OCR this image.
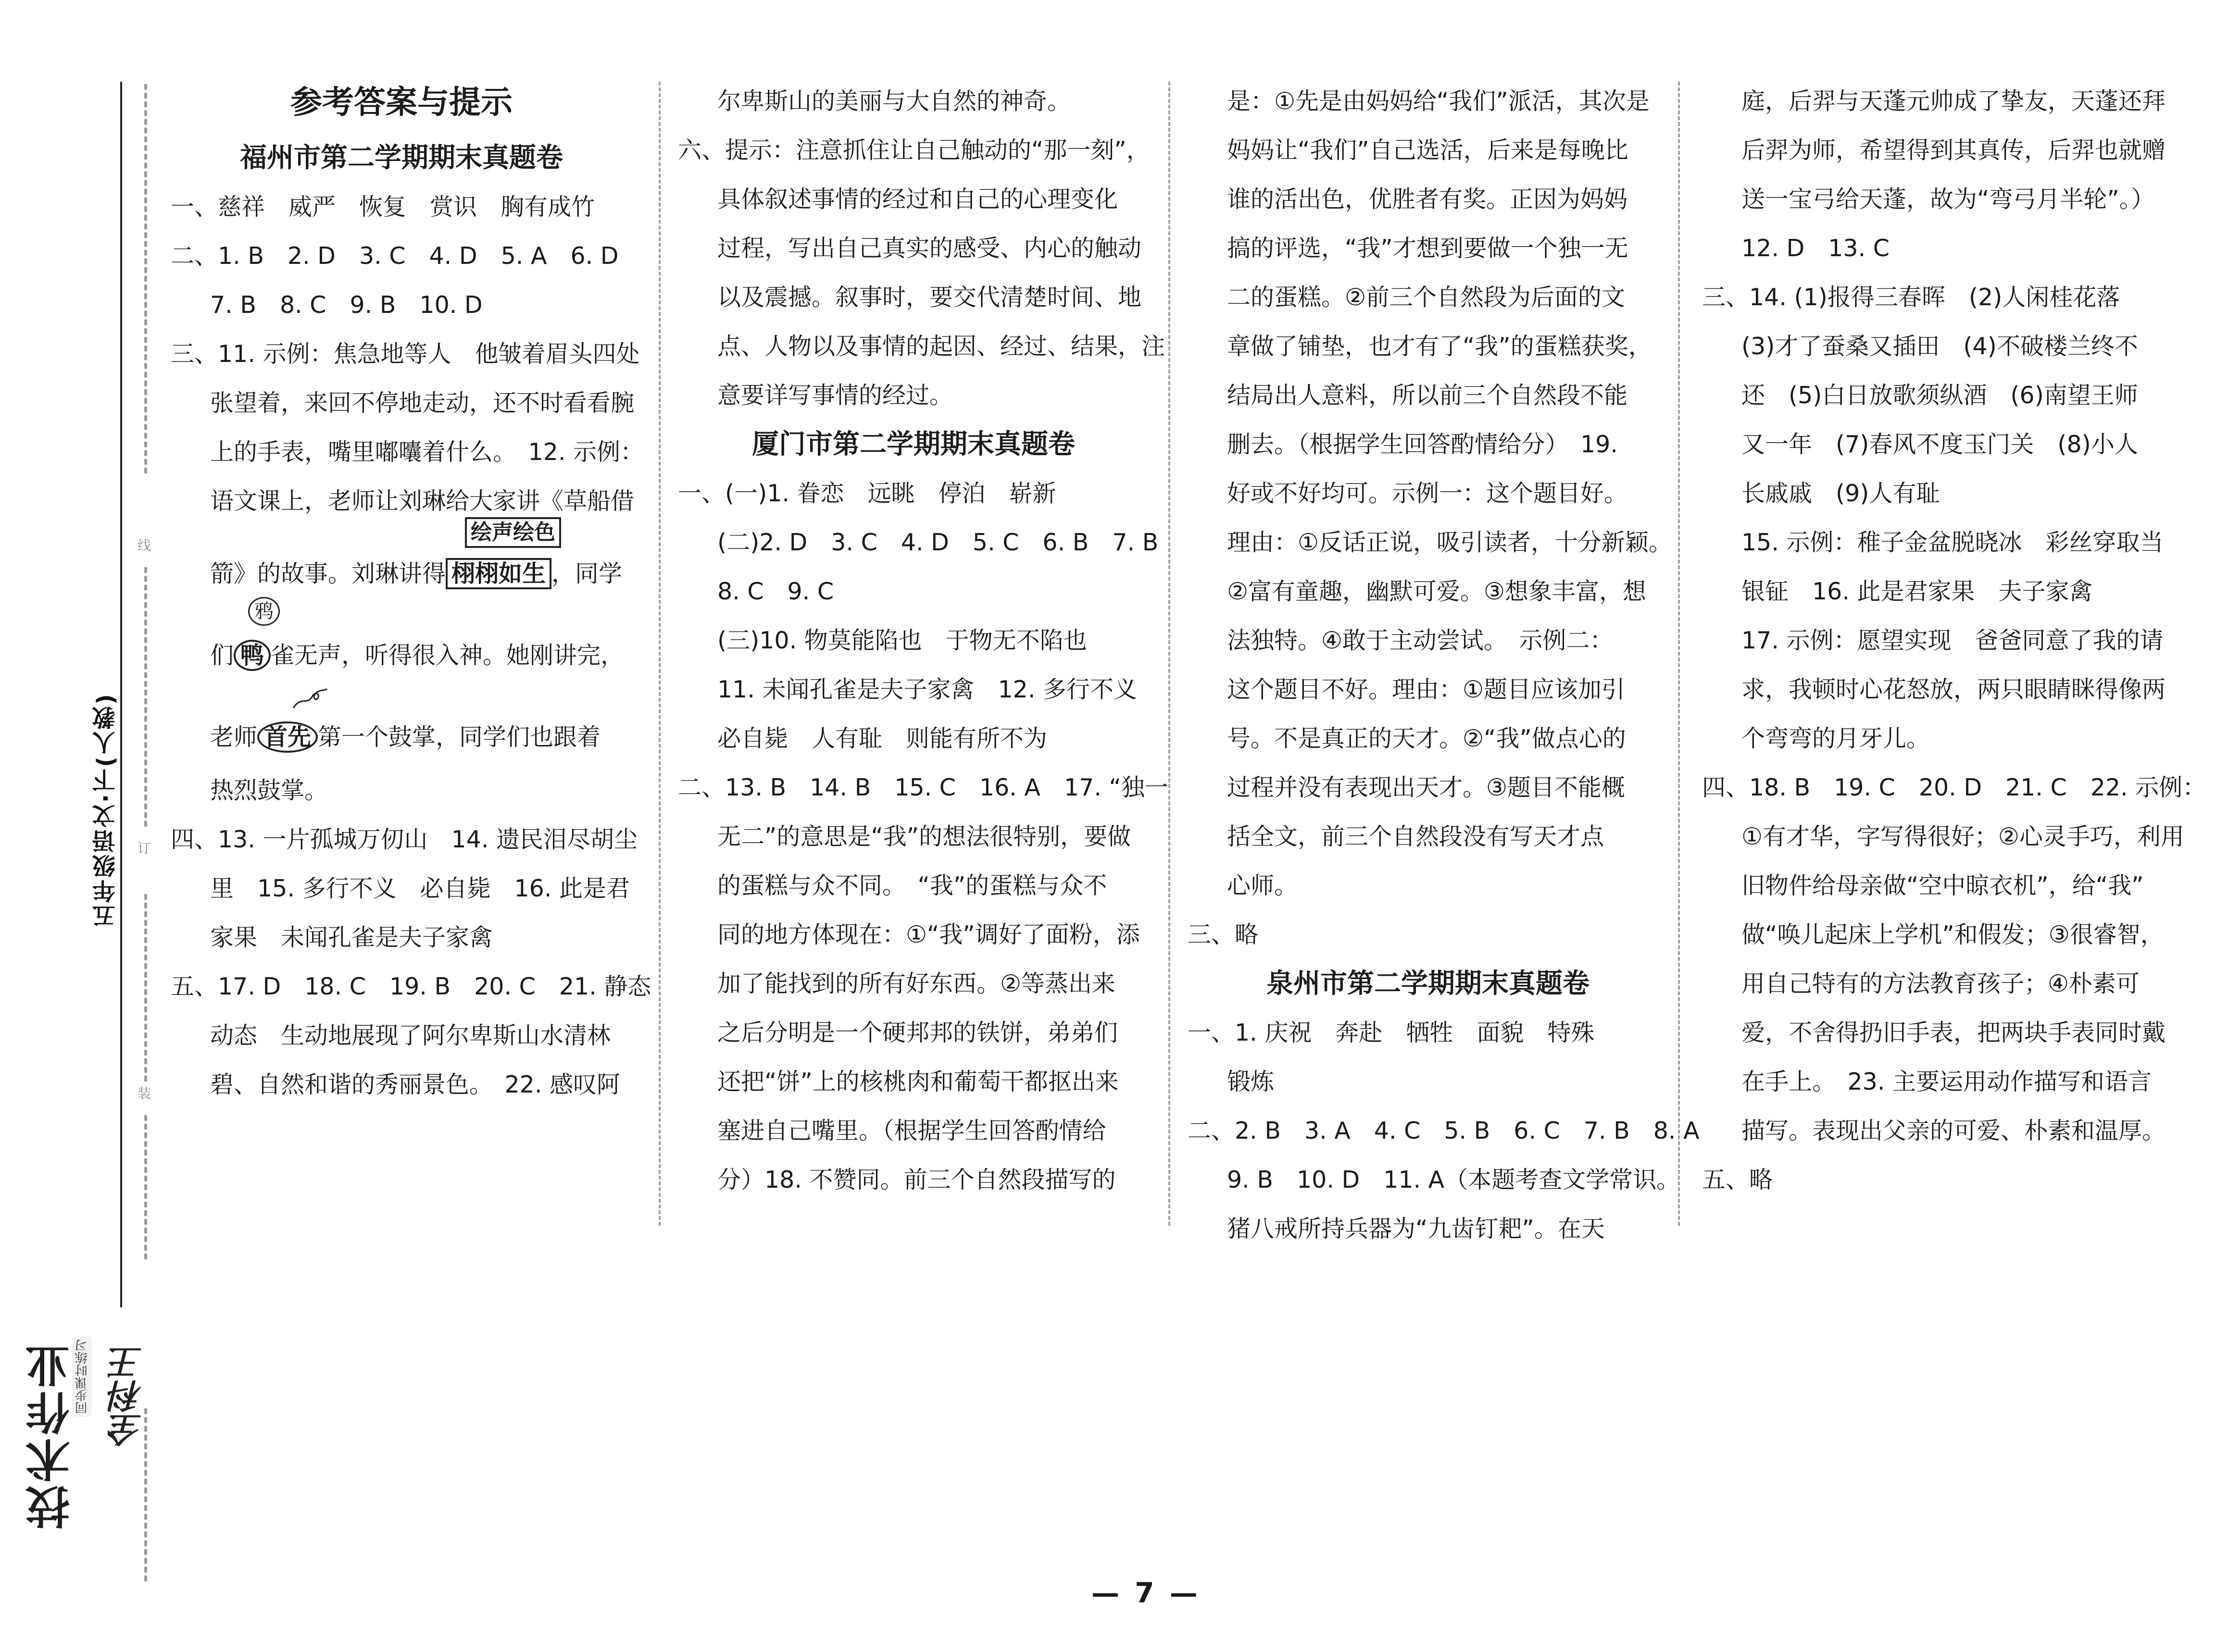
线
订
装
五年级语文·下(人教)
全科王
同步课时练习
技术作业
参考答案与提示
福州市第二学期期末真题卷
一、慈祥　威严　恢复　赏识　胸有成竹
二、1. B　2. D　3. C　4. D　5. A　6. D
7. B　8. C　9. B　10. D
三、11. 示例：焦急地等人　他皱着眉头四处
张望着，来回不停地走动，还不时看看腕
上的手表，嘴里嘟囔着什么。　12. 示例：
语文课上，老师让刘琳给大家讲《草船借
箭》的故事。刘琳讲得
绘声绘色
栩栩如生 ，同学
们
鸦
鸭 雀无声，听得很入神。她刚讲完，
老师 首先 第一个鼓掌，同学们也跟着
热烈鼓掌。
四、13. 一片孤城万仞山　14. 遗民泪尽胡尘
里　15. 多行不义　必自毙　16. 此是君
家果　未闻孔雀是夫子家禽
五、17. D　18. C　19. B　20. C　21. 静态
动态　生动地展现了阿尔卑斯山水清林
碧、自然和谐的秀丽景色。　22. 感叹阿
尔卑斯山的美丽与大自然的神奇。
六、提示：注意抓住让自己触动的“那一刻”，
具体叙述事情的经过和自己的心理变化
过程，写出自己真实的感受、内心的触动
以及震撼。叙事时，要交代清楚时间、地
点、人物以及事情的起因、经过、结果，注
意要详写事情的经过。
厦门市第二学期期末真题卷
一、(一)1. 眷恋　远眺　停泊　崭新
(二)2. D　3. C　4. D　5. C　6. B　7. B
8. C　9. C
(三)10. 物莫能陷也　于物无不陷也
11. 未闻孔雀是夫子家禽　12. 多行不义
必自毙　人有耻　则能有所不为
二、13. B　14. B　15. C　16. A　17. “独一
无二”的意思是“我”的想法很特别，要做
的蛋糕与众不同。　“我”的蛋糕与众不
同的地方体现在：①“我”调好了面粉，添
加了能找到的所有好东西。②等蒸出来
之后分明是一个硬邦邦的铁饼，弟弟们
还把“饼”上的核桃肉和葡萄干都抠出来
塞进自己嘴里。（根据学生回答酌情给
分）18. 不赞同。前三个自然段描写的
是：①先是由妈妈给“我们”派活，其次是
妈妈让“我们”自己选活，后来是每晚比
谁的活出色，优胜者有奖。正因为妈妈
搞的评选，“我”才想到要做一个独一无
二的蛋糕。②前三个自然段为后面的文
章做了铺垫，也才有了“我”的蛋糕获奖，
结局出人意料，所以前三个自然段不能
删去。（根据学生回答酌情给分）　19.
好或不好均可。示例一：这个题目好。
理由：①反话正说，吸引读者，十分新颖。
②富有童趣，幽默可爱。③想象丰富，想
法独特。④敢于主动尝试。　示例二：
这个题目不好。理由：①题目应该加引
号。不是真正的天才。②“我”做点心的
过程并没有表现出天才。③题目不能概
括全文，前三个自然段没有写天才点
心师。
三、略
泉州市第二学期期末真题卷
一、1. 庆祝　奔赴　牺牲　面貌　特殊
锻炼
二、2. B　3. A　4. C　5. B　6. C　7. B　8. A
9. B　10. D　11. A（本题考查文学常识。
猪八戒所持兵器为“九齿钉耙”。在天
庭，后羿与天蓬元帅成了挚友，天蓬还拜
后羿为师，希望得到其真传，后羿也就赠
送一宝弓给天蓬，故为“弯弓月半轮”。）
12. D　13. C
三、14. (1)报得三春晖　(2)人闲桂花落
(3)才了蚕桑又插田　(4)不破楼兰终不
还　(5)白日放歌须纵酒　(6)南望王师
又一年　(7)春风不度玉门关　(8)小人
长戚戚　(9)人有耻
15. 示例：稚子金盆脱晓冰　彩丝穿取当
银钲　16. 此是君家果　夫子家禽
17. 示例：愿望实现　爸爸同意了我的请
求，我顿时心花怒放，两只眼睛眯得像两
个弯弯的月牙儿。
四、18. B　19. C　20. D　21. C　22. 示例：
①有才华，字写得很好；②心灵手巧，利用
旧物件给母亲做“空中晾衣机”，给“我”
做“唤儿起床上学机”和假发；③很睿智，
用自己特有的方法教育孩子；④朴素可
爱，不舍得扔旧手表，把两块手表同时戴
在手上。　23. 主要运用动作描写和语言
描写。表现出父亲的可爱、朴素和温厚。
五、略
— 7 —
